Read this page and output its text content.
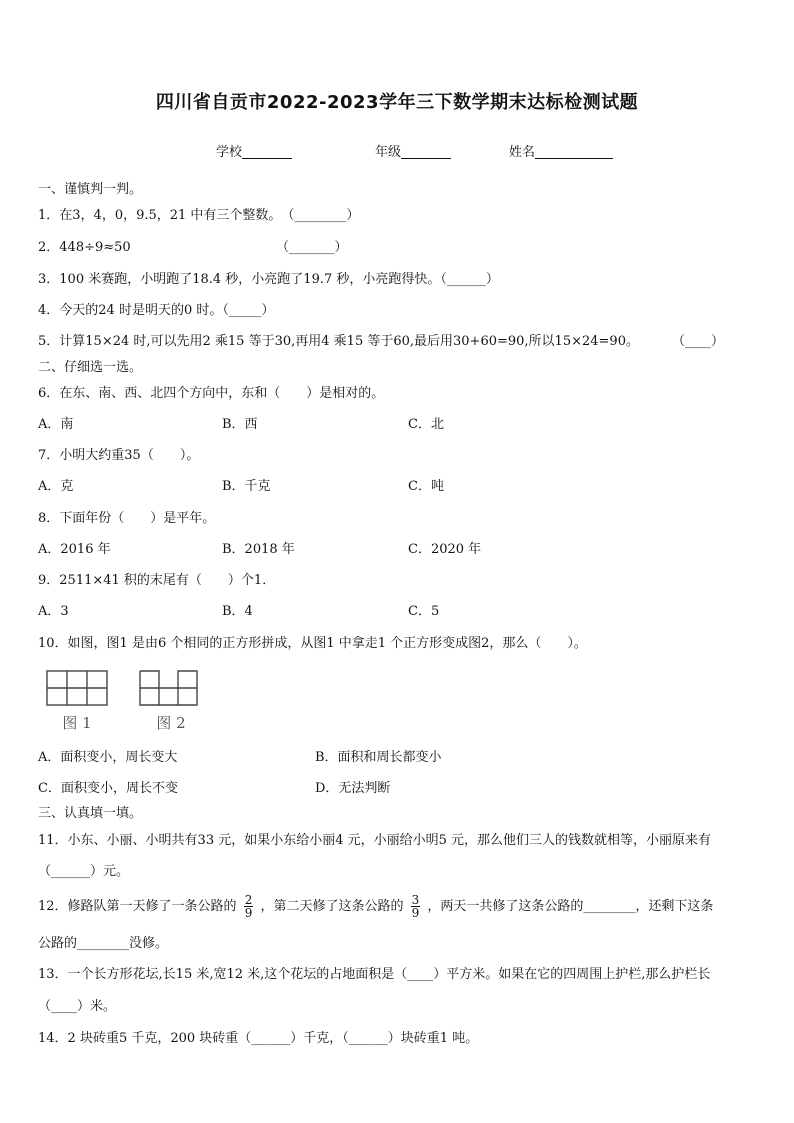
四川省自贡市2022-2023学年三下数学期末达标检测试题
学校	年级	姓名
一、谨慎判一判。
1．在3，4，0，9.5，21 中有三个整数。　（________）
2．448÷9≈50	（_______）
3．100 米赛跑，小明跑了18.4 秒，小亮跑了19.7 秒，小亮跑得快。（______）
4．今天的24 时是明天的0 时。（_____）
5．计算15×24 时,可以先用2 乘15 等于30,再用4 乘15 等于60,最后用30+60=90,所以15×24=90。	（____）
二、仔细选一选。
6．在东、南、西、北四个方向中，东和（　　）是相对的。
A．南	B．西	C．北
7．小明大约重35（　　）。
A．克	B．千克	C．吨
8．下面年份（　　）是平年。
A．2016 年	B．2018 年	C．2020 年
9．2511×41 积的末尾有（　　）个1．
A．3	B．4	C．5
10．如图，图1 是由6 个相同的正方形拼成，从图1 中拿走1 个正方形变成图2，那么（　　）。
图 1	图 2
A．面积变小，周长变大	B．面积和周长都变小
C．面积变小，周长不变	D．无法判断
三、认真填一填。
11．小东、小丽、小明共有33 元，如果小东给小丽4 元，小丽给小明5 元，那么他们三人的钱数就相等，小丽原来有
（______）元。
12．修路队第一天修了一条公路的 $\frac{2}{9}$ ，第二天修了这条公路的 $\frac{3}{9}$ ，两天一共修了这条公路的________，还剩下这条
公路的________没修。
13．一个长方形花坛,长15 米,宽12 米,这个花坛的占地面积是（____）平方米。如果在它的四周围上护栏,那么护栏长
（____）米。
14．2 块砖重5 千克，200 块砖重（______）千克，（______）块砖重1 吨。
